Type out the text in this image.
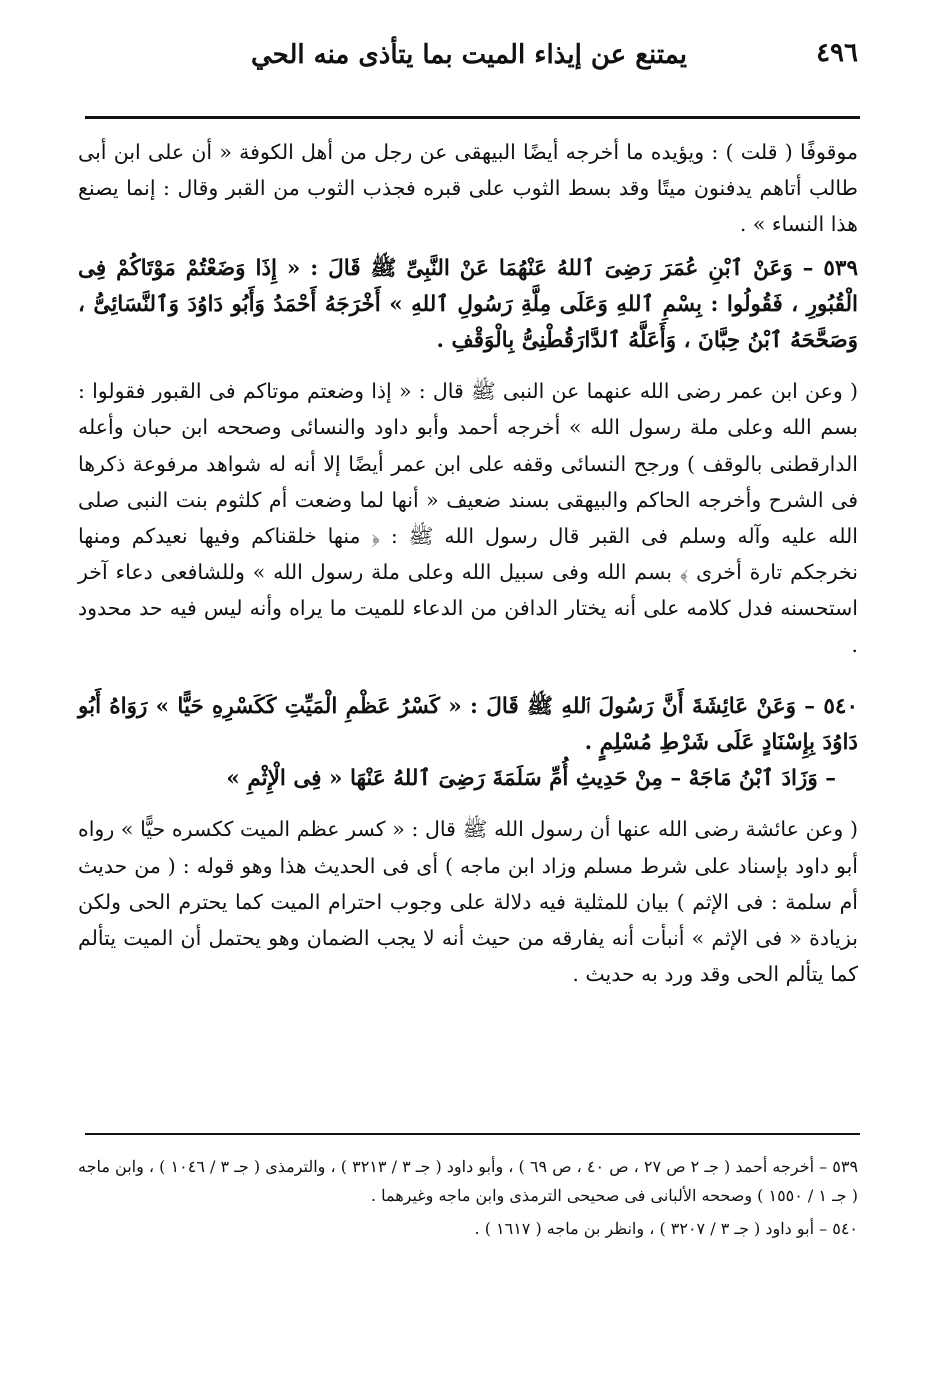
٤٩٦
يمتنع عن إيذاء الميت بما يتأذى منه الحي

موقوفًا ( قلت ) : ويؤيده ما أخرجه أيضًا البيهقى عن رجل من أهل الكوفة « أن على ابن أبى طالب أتاهم يدفنون ميتًا وقد بسط الثوب على قبره فجذب الثوب من القبر وقال : إنما يصنع هذا النساء » .

٥٣٩ – وَعَنْ ٱبْنِ عُمَرَ رَضِىَ ٱللهُ عَنْهُمَا عَنْ النَّبِىِّ ﷺ قَالَ : « إِذَا وَضَعْتُمْ مَوْتَاكُمْ فِى الْقُبُورِ ، فَقُولُوا : بِسْمِ ٱللهِ وَعَلَى مِلَّةِ رَسُولِ ٱللهِ » أَخْرَجَهُ أَحْمَدُ وَأَبُو دَاوُدَ وَٱلنَّسَائِىُّ ، وَصَحَّحَهُ ٱبْنُ حِبَّانَ ، وَأَعَلَّهُ ٱلدَّارَقُطْنِىُّ بِالْوَقْفِ .

( وعن ابن عمر رضى الله عنهما عن النبى ﷺ قال : « إذا وضعتم موتاكم فى القبور فقولوا : بسم الله وعلى ملة رسول الله » أخرجه أحمد وأبو داود والنسائى وصححه ابن حبان وأعله الدارقطنى بالوقف ) ورجح النسائى وقفه على ابن عمر أيضًا إلا أنه له شواهد مرفوعة ذكرها فى الشرح وأخرجه الحاكم والبيهقى بسند ضعيف « أنها لما وضعت أم كلثوم بنت النبى صلى الله عليه وآله وسلم فى القبر قال رسول الله ﷺ : ﴿ منها خلقناكم وفيها نعيدكم ومنها نخرجكم تارة أخرى ﴾ بسم الله وفى سبيل الله وعلى ملة رسول الله » وللشافعى دعاء آخر استحسنه فدل كلامه على أنه يختار الدافن من الدعاء للميت ما يراه وأنه ليس فيه حد محدود .

٥٤٠ – وَعَنْ عَائِشَةَ أَنَّ رَسُولَ ٱللهِ ﷺ قَالَ : « كَسْرُ عَظْمِ الْمَيِّتِ كَكَسْرِهِ حَيًّا » رَوَاهُ أَبُو دَاوُدَ بِإِسْنَادٍ عَلَى شَرْطِ مُسْلِمٍ .

– وَزَادَ ٱبْنُ مَاجَهْ – مِنْ حَدِيثِ أُمِّ سَلَمَةَ رَضِىَ ٱللهُ عَنْهَا « فِى الْإِثْمِ »

( وعن عائشة رضى الله عنها أن رسول الله ﷺ قال : « كسر عظم الميت ككسره حيًّا » رواه أبو داود بإسناد على شرط مسلم وزاد ابن ماجه ) أى فى الحديث هذا وهو قوله : ( من حديث أم سلمة : فى الإثم ) بيان للمثلية فيه دلالة على وجوب احترام الميت كما يحترم الحى ولكن بزيادة « فى الإثم » أنبأت أنه يفارقه من حيث أنه لا يجب الضمان وهو يحتمل أن الميت يتألم كما يتألم الحى وقد ورد به حديث .

٥٣٩ – أخرجه أحمد ( جـ ٢ ص ٢٧ ، ص ٤٠ ، ص ٦٩ ) ، وأبو داود ( جـ ٣ / ٣٢١٣ ) ، والترمذى ( جـ ٣ / ١٠٤٦ ) ، وابن ماجه ( جـ ١ / ١٥٥٠ ) وصححه الألبانى فى صحيحى الترمذى وابن ماجه وغيرهما .

٥٤٠ – أبو داود ( جـ ٣ / ٣٢٠٧ ) ، وانظر بن ماجه ( ١٦١٧ ) .
